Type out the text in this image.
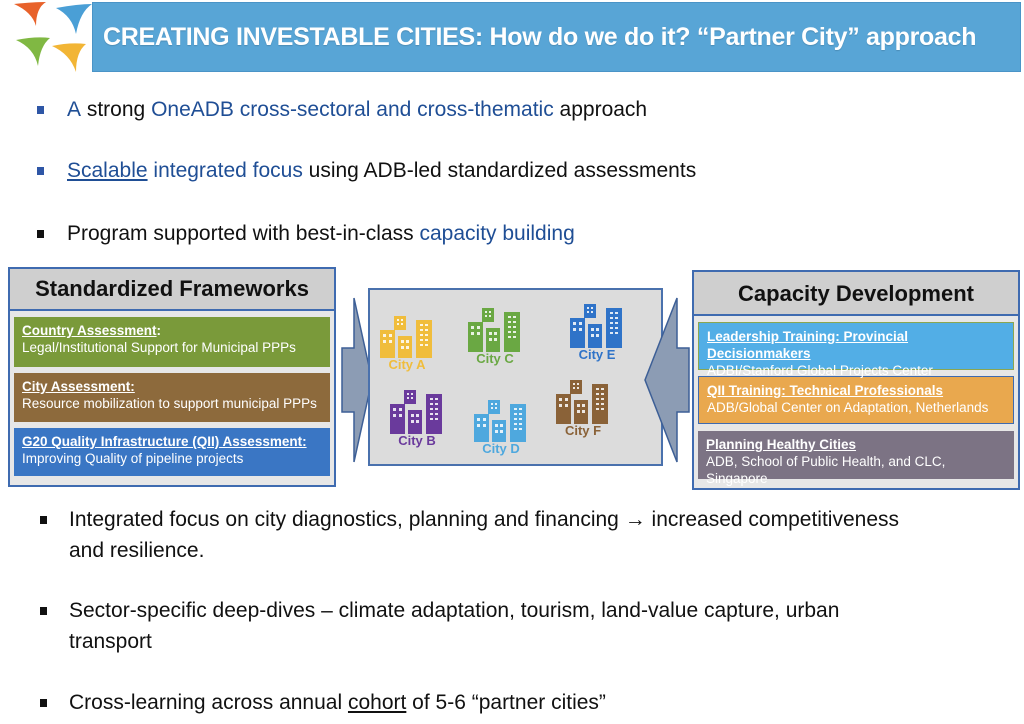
CREATING INVESTABLE CITIES: How do we do it? “Partner City” approach
A strong OneADB cross-sectoral and cross-thematic approach
Scalable integrated focus using ADB-led standardized assessments
Program supported with best-in-class capacity building
Standardized Frameworks
Country Assessment:
Legal/Institutional Support for Municipal PPPs
City Assessment:
Resource mobilization to support municipal PPPs
G20 Quality Infrastructure (QII) Assessment:
Improving Quality of pipeline projects
City A	City C	City E
City B
City D
City F
Capacity Development
Leadership Training: Provincial Decisionmakers
ADBI/Stanford Global Projects Center
QII Training: Technical Professionals
ADB/Global Center on Adaptation, Netherlands
Planning Healthy Cities
ADB, School of Public Health, and CLC, Singapore
Integrated focus on city diagnostics, planning and financing → increased competitiveness
and resilience.
Sector-specific deep-dives – climate adaptation, tourism, land-value capture, urban
transport
Cross-learning across annual cohort of 5-6 “partner cities”
